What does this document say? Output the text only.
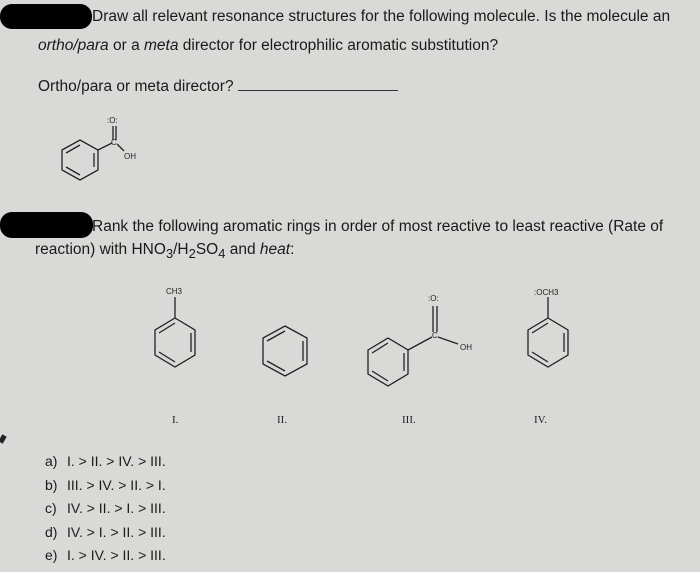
Draw all relevant resonance structures for the following molecule. Is the molecule an
ortho/para or a meta director for electrophilic aromatic substitution?
Ortho/para or meta director?
:O:
C
OH
Rank the following aromatic rings in order of most reactive to least reactive (Rate of
reaction) with $HNO_3/H_2SO_4$ and heat:
CH3
I.	II.
:O:
C
OH
III.
:OCH3
IV.
a) I. > II. > IV. > III.
b) III. > IV. > II. > I.
c) IV. > II. > I. > III.
d) IV. > I. > II. > III.
e) I. > IV. > II. > III.
